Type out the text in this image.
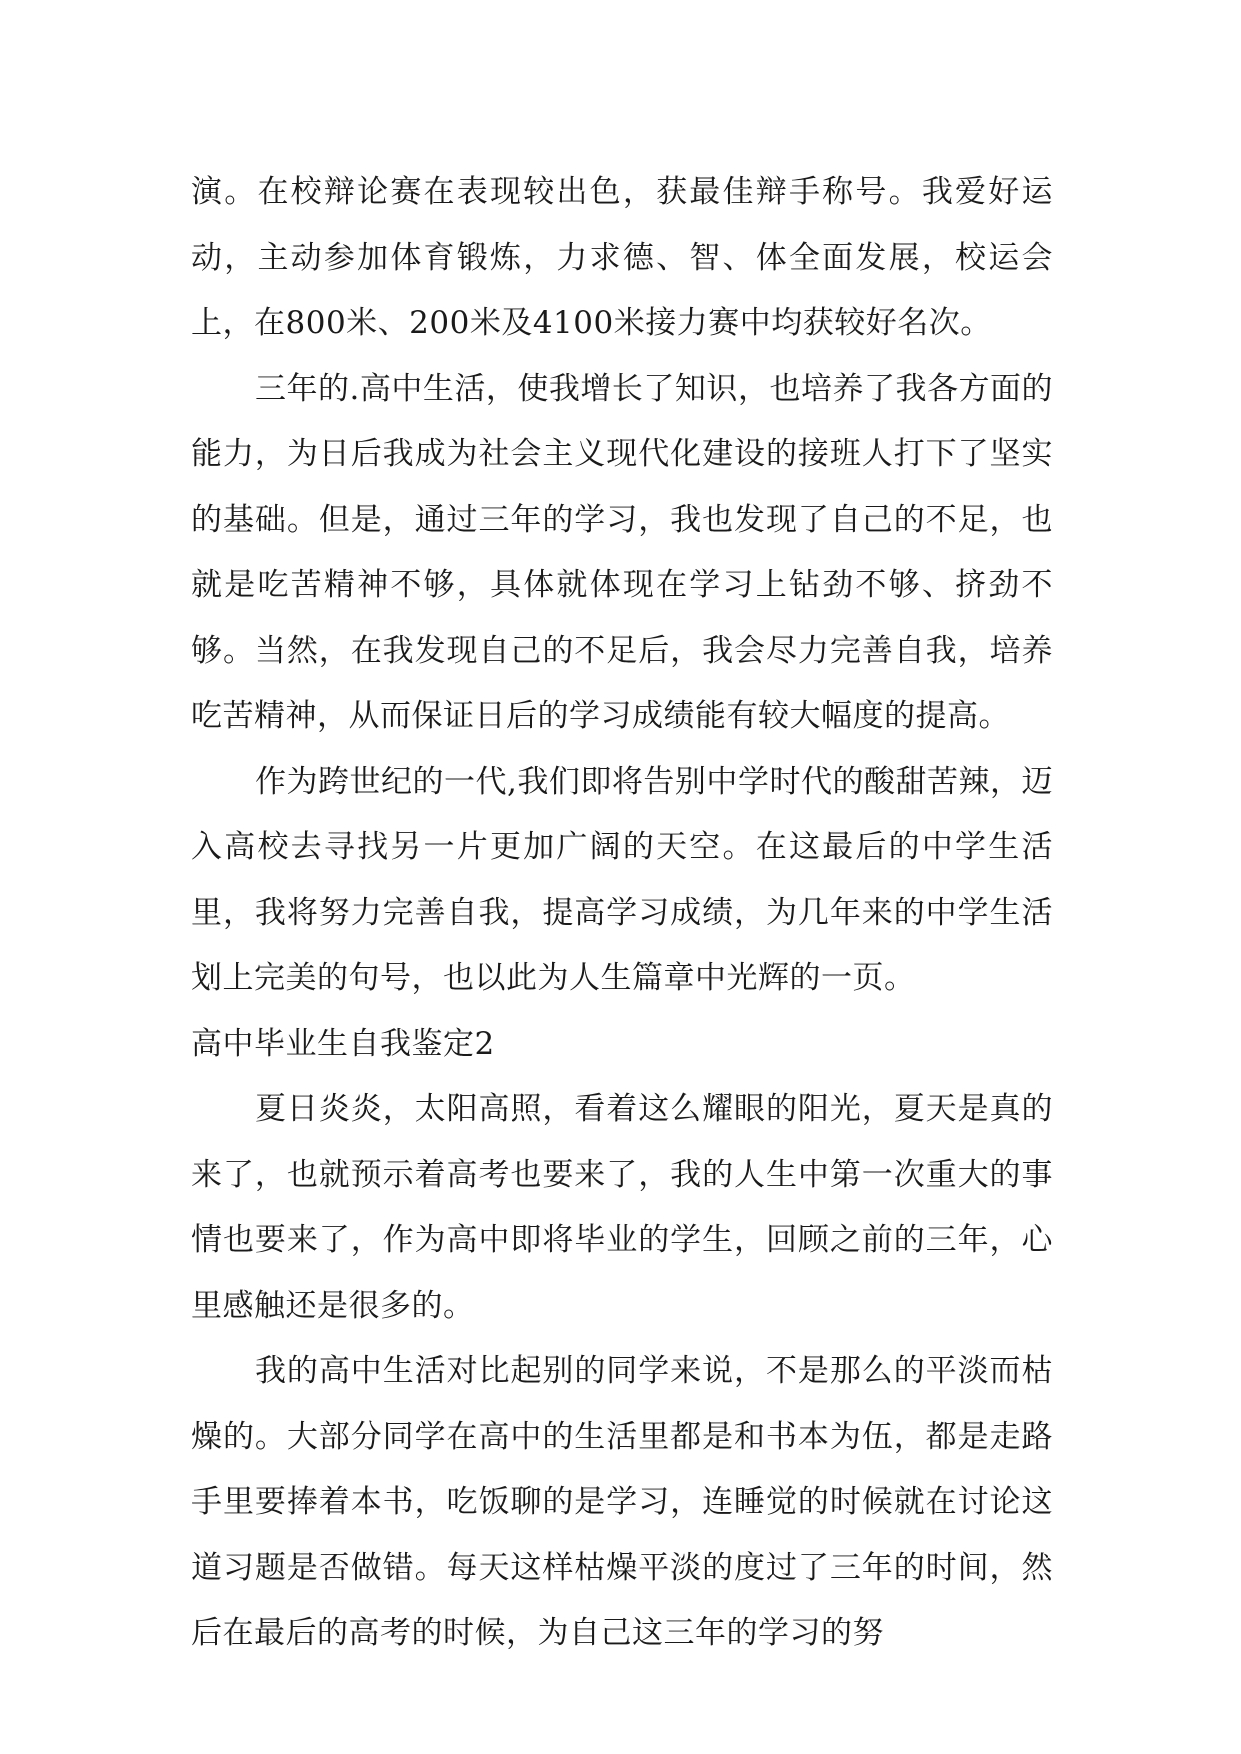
演。在校辩论赛在表现较出色，获最佳辩手称号。我爱好运动，主动参加体育锻炼，力求德、智、体全面发展，校运会上，在800米、200米及4100米接力赛中均获较好名次。

三年的.高中生活，使我增长了知识，也培养了我各方面的能力，为日后我成为社会主义现代化建设的接班人打下了坚实的基础。但是，通过三年的学习，我也发现了自己的不足，也就是吃苦精神不够，具体就体现在学习上钻劲不够、挤劲不够。当然，在我发现自己的不足后，我会尽力完善自我，培养吃苦精神，从而保证日后的学习成绩能有较大幅度的提高。

作为跨世纪的一代,我们即将告别中学时代的酸甜苦辣，迈入高校去寻找另一片更加广阔的天空。在这最后的中学生活里，我将努力完善自我，提高学习成绩，为几年来的中学生活划上完美的句号，也以此为人生篇章中光辉的一页。

高中毕业生自我鉴定2

夏日炎炎，太阳高照，看着这么耀眼的阳光，夏天是真的来了，也就预示着高考也要来了，我的人生中第一次重大的事情也要来了，作为高中即将毕业的学生，回顾之前的三年，心里感触还是很多的。

我的高中生活对比起别的同学来说，不是那么的平淡而枯燥的。大部分同学在高中的生活里都是和书本为伍，都是走路手里要捧着本书，吃饭聊的是学习，连睡觉的时候就在讨论这道习题是否做错。每天这样枯燥平淡的度过了三年的时间，然后在最后的高考的时候，为自己这三年的学习的努
